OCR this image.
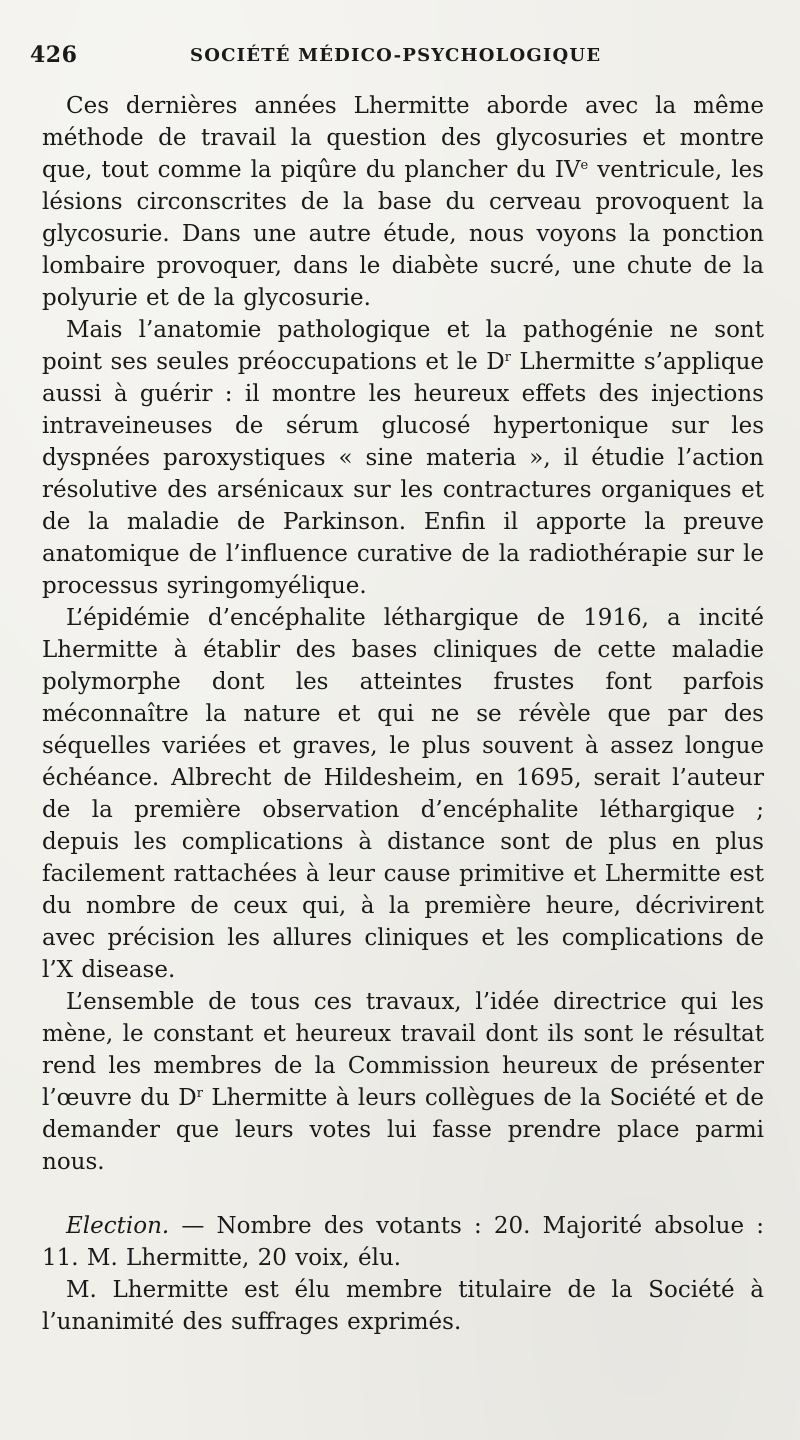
426	SOCIÉTÉ MÉDICO-PSYCHOLOGIQUE

Ces dernières années Lhermitte aborde avec la même méthode de travail la question des glycosuries et montre que, tout comme la piqûre du plancher du IVe ventricule, les lésions circonscrites de la base du cerveau provoquent la glycosurie. Dans une autre étude, nous voyons la ponction lombaire provoquer, dans le diabète sucré, une chute de la polyurie et de la glycosurie.

Mais l’anatomie pathologique et la pathogénie ne sont point ses seules préoccupations et le $D^r$ Lhermitte s’applique aussi à guérir : il montre les heureux effets des injections intraveineuses de sérum glucosé hypertonique sur les dyspnées paroxystiques « sine materia », il étudie l’action résolutive des arsénicaux sur les contractures organiques et de la maladie de Parkinson. Enfin il apporte la preuve anatomique de l’influence curative de la radiothérapie sur le processus syringomyélique.

L’épidémie d’encéphalite léthargique de 1916, a incité Lhermitte à établir des bases cliniques de cette maladie polymorphe dont les atteintes frustes font parfois méconnaître la nature et qui ne se révèle que par des séquelles variées et graves, le plus souvent à assez longue échéance. Albrecht de Hildesheim, en 1695, serait l’auteur de la première observation d’encéphalite léthargique ; depuis les complications à distance sont de plus en plus facilement rattachées à leur cause primitive et Lhermitte est du nombre de ceux qui, à la première heure, décrivirent avec précision les allures cliniques et les complications de l’X disease.

L’ensemble de tous ces travaux, l’idée directrice qui les mène, le constant et heureux travail dont ils sont le résultat rend les membres de la Commission heureux de présenter l’œuvre du $D^r$ Lhermitte à leurs collègues de la Société et de demander que leurs votes lui fasse prendre place parmi nous.

Election. — Nombre des votants : 20. Majorité absolue : 11. M. Lhermitte, 20 voix, élu.

M. Lhermitte est élu membre titulaire de la Société à l’unanimité des suffrages exprimés.
